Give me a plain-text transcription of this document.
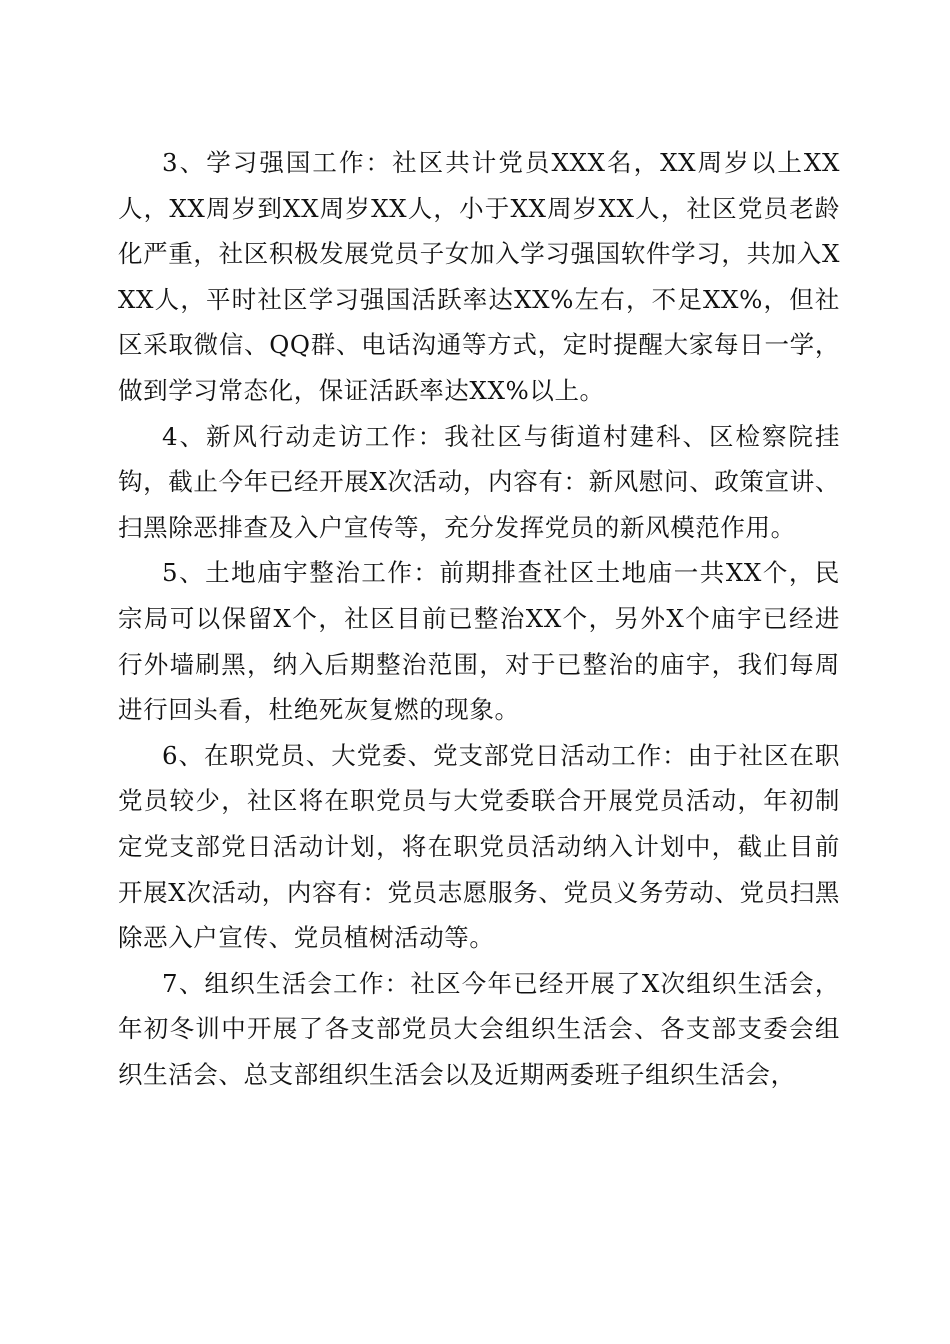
3、学习强国工作：社区共计党员XXX名，XX周岁以上XX人，XX周岁到XX周岁XX人，小于XX周岁XX人，社区党员老龄化严重，社区积极发展党员子女加入学习强国软件学习，共加入XXX人，平时社区学习强国活跃率达XX%左右，不足XX%，但社区采取微信、QQ群、电话沟通等方式，定时提醒大家每日一学，做到学习常态化，保证活跃率达XX%以上。

4、新风行动走访工作：我社区与街道村建科、区检察院挂钩，截止今年已经开展X次活动，内容有：新风慰问、政策宣讲、扫黑除恶排查及入户宣传等，充分发挥党员的新风模范作用。

5、土地庙宇整治工作：前期排查社区土地庙一共XX个，民宗局可以保留X个，社区目前已整治XX个，另外X个庙宇已经进行外墙刷黑，纳入后期整治范围，对于已整治的庙宇，我们每周进行回头看，杜绝死灰复燃的现象。

6、在职党员、大党委、党支部党日活动工作：由于社区在职党员较少，社区将在职党员与大党委联合开展党员活动，年初制定党支部党日活动计划，将在职党员活动纳入计划中，截止目前开展X次活动，内容有：党员志愿服务、党员义务劳动、党员扫黑除恶入户宣传、党员植树活动等。

7、组织生活会工作：社区今年已经开展了X次组织生活会，年初冬训中开展了各支部党员大会组织生活会、各支部支委会组织生活会、总支部组织生活会以及近期两委班子组织生活会，
